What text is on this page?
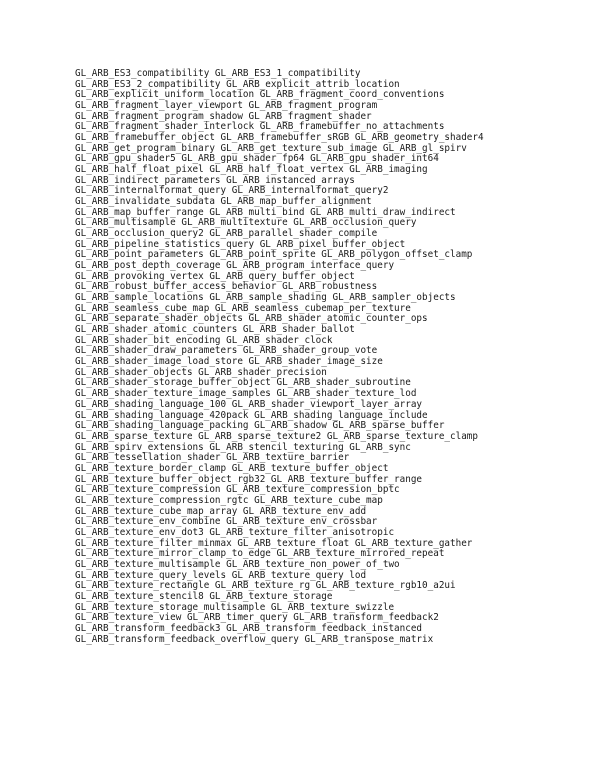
GL_ARB_ES3_compatibility GL_ARB_ES3_1_compatibility
GL_ARB_ES3_2_compatibility GL_ARB_explicit_attrib_location
GL_ARB_explicit_uniform_location GL_ARB_fragment_coord_conventions
GL_ARB_fragment_layer_viewport GL_ARB_fragment_program
GL_ARB_fragment_program_shadow GL_ARB_fragment_shader
GL_ARB_fragment_shader_interlock GL_ARB_framebuffer_no_attachments
GL_ARB_framebuffer_object GL_ARB_framebuffer_sRGB GL_ARB_geometry_shader4
GL_ARB_get_program_binary GL_ARB_get_texture_sub_image GL_ARB_gl_spirv
GL_ARB_gpu_shader5 GL_ARB_gpu_shader_fp64 GL_ARB_gpu_shader_int64
GL_ARB_half_float_pixel GL_ARB_half_float_vertex GL_ARB_imaging
GL_ARB_indirect_parameters GL_ARB_instanced_arrays
GL_ARB_internalformat_query GL_ARB_internalformat_query2
GL_ARB_invalidate_subdata GL_ARB_map_buffer_alignment
GL_ARB_map_buffer_range GL_ARB_multi_bind GL_ARB_multi_draw_indirect
GL_ARB_multisample GL_ARB_multitexture GL_ARB_occlusion_query
GL_ARB_occlusion_query2 GL_ARB_parallel_shader_compile
GL_ARB_pipeline_statistics_query GL_ARB_pixel_buffer_object
GL_ARB_point_parameters GL_ARB_point_sprite GL_ARB_polygon_offset_clamp
GL_ARB_post_depth_coverage GL_ARB_program_interface_query
GL_ARB_provoking_vertex GL_ARB_query_buffer_object
GL_ARB_robust_buffer_access_behavior GL_ARB_robustness
GL_ARB_sample_locations GL_ARB_sample_shading GL_ARB_sampler_objects
GL_ARB_seamless_cube_map GL_ARB_seamless_cubemap_per_texture
GL_ARB_separate_shader_objects GL_ARB_shader_atomic_counter_ops
GL_ARB_shader_atomic_counters GL_ARB_shader_ballot
GL_ARB_shader_bit_encoding GL_ARB_shader_clock
GL_ARB_shader_draw_parameters GL_ARB_shader_group_vote
GL_ARB_shader_image_load_store GL_ARB_shader_image_size
GL_ARB_shader_objects GL_ARB_shader_precision
GL_ARB_shader_storage_buffer_object GL_ARB_shader_subroutine
GL_ARB_shader_texture_image_samples GL_ARB_shader_texture_lod
GL_ARB_shading_language_100 GL_ARB_shader_viewport_layer_array
GL_ARB_shading_language_420pack GL_ARB_shading_language_include
GL_ARB_shading_language_packing GL_ARB_shadow GL_ARB_sparse_buffer
GL_ARB_sparse_texture GL_ARB_sparse_texture2 GL_ARB_sparse_texture_clamp
GL_ARB_spirv_extensions GL_ARB_stencil_texturing GL_ARB_sync
GL_ARB_tessellation_shader GL_ARB_texture_barrier
GL_ARB_texture_border_clamp GL_ARB_texture_buffer_object
GL_ARB_texture_buffer_object_rgb32 GL_ARB_texture_buffer_range
GL_ARB_texture_compression GL_ARB_texture_compression_bptc
GL_ARB_texture_compression_rgtc GL_ARB_texture_cube_map
GL_ARB_texture_cube_map_array GL_ARB_texture_env_add
GL_ARB_texture_env_combine GL_ARB_texture_env_crossbar
GL_ARB_texture_env_dot3 GL_ARB_texture_filter_anisotropic
GL_ARB_texture_filter_minmax GL_ARB_texture_float GL_ARB_texture_gather
GL_ARB_texture_mirror_clamp_to_edge GL_ARB_texture_mirrored_repeat
GL_ARB_texture_multisample GL_ARB_texture_non_power_of_two
GL_ARB_texture_query_levels GL_ARB_texture_query_lod
GL_ARB_texture_rectangle GL_ARB_texture_rg GL_ARB_texture_rgb10_a2ui
GL_ARB_texture_stencil8 GL_ARB_texture_storage
GL_ARB_texture_storage_multisample GL_ARB_texture_swizzle
GL_ARB_texture_view GL_ARB_timer_query GL_ARB_transform_feedback2
GL_ARB_transform_feedback3 GL_ARB_transform_feedback_instanced
GL_ARB_transform_feedback_overflow_query GL_ARB_transpose_matrix
